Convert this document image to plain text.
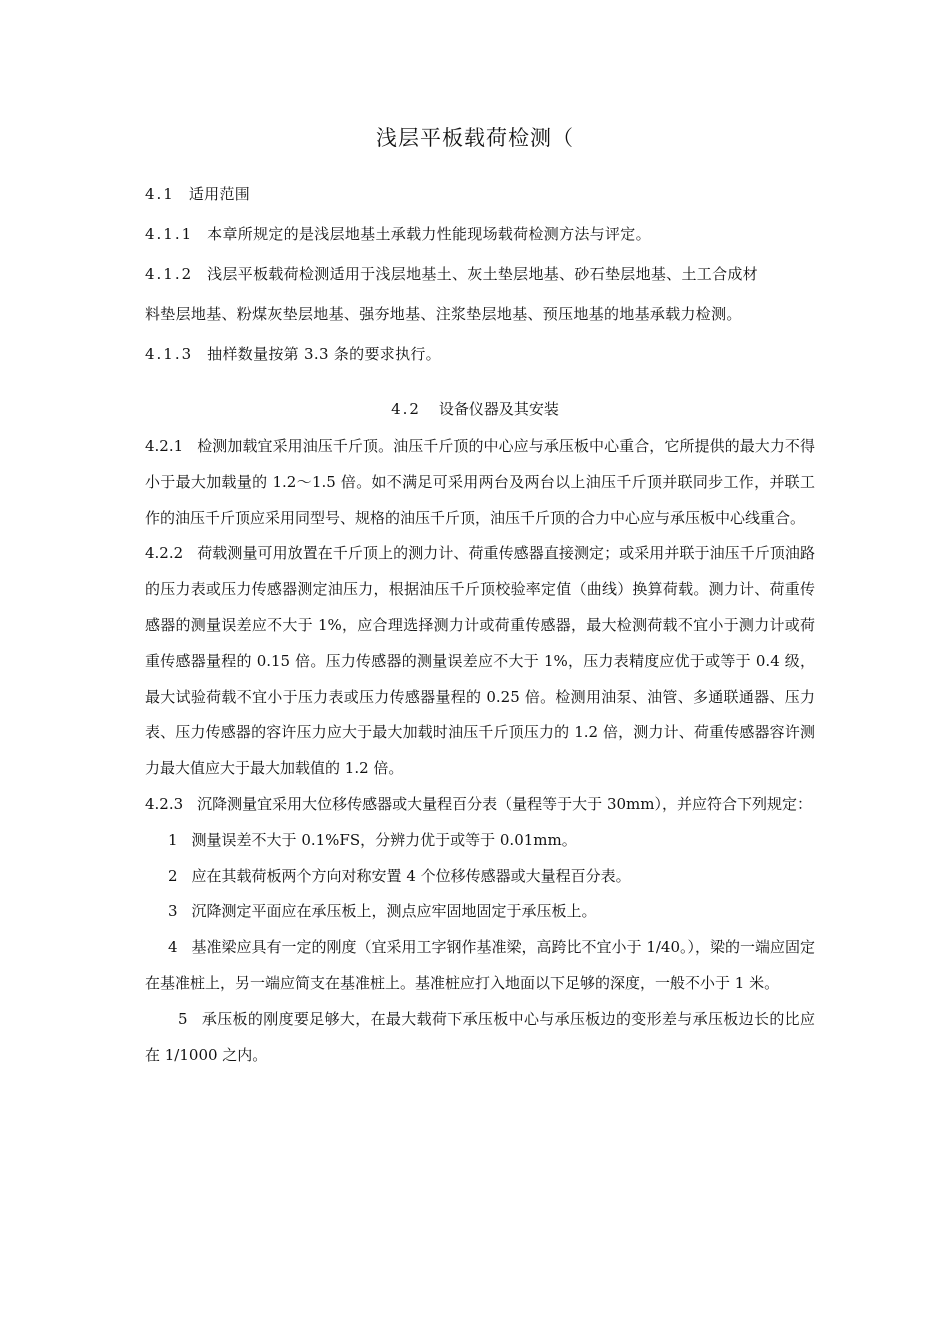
浅层平板载荷检测（
4.1 适用范围
4.1.1 本章所规定的是浅层地基土承载力性能现场载荷检测方法与评定。
4.1.2 浅层平板载荷检测适用于浅层地基土、灰土垫层地基、砂石垫层地基、土工合成材
料垫层地基、粉煤灰垫层地基、强夯地基、注浆垫层地基、预压地基的地基承载力检测。
4.1.3 抽样数量按第 3.3 条的要求执行。
4.2 设备仪器及其安装
4.2.1 检测加载宜采用油压千斤顶。油压千斤顶的中心应与承压板中心重合，它所提供的最大力不得小于最大加载量的 1.2～1.5 倍。如不满足可采用两台及两台以上油压千斤顶并联同步工作，并联工作的油压千斤顶应采用同型号、规格的油压千斤顶，油压千斤顶的合力中心应与承压板中心线重合。
4.2.2 荷载测量可用放置在千斤顶上的测力计、荷重传感器直接测定；或采用并联于油压千斤顶油路的压力表或压力传感器测定油压力，根据油压千斤顶校验率定值（曲线）换算荷载。测力计、荷重传感器的测量误差应不大于 1%，应合理选择测力计或荷重传感器，最大检测荷载不宜小于测力计或荷重传感器量程的 0.15 倍。压力传感器的测量误差应不大于 1%，压力表精度应优于或等于 0.4 级，最大试验荷载不宜小于压力表或压力传感器量程的 0.25 倍。检测用油泵、油管、多通联通器、压力表、压力传感器的容许压力应大于最大加载时油压千斤顶压力的 1.2 倍，测力计、荷重传感器容许测力最大值应大于最大加载值的 1.2 倍。
4.2.3 沉降测量宜采用大位移传感器或大量程百分表（量程等于大于 30mm），并应符合下列规定：
1 测量误差不大于 0.1%FS，分辨力优于或等于 0.01mm。
2 应在其载荷板两个方向对称安置 4 个位移传感器或大量程百分表。
3 沉降测定平面应在承压板上，测点应牢固地固定于承压板上。
4 基准梁应具有一定的刚度（宜采用工字钢作基准梁，高跨比不宜小于 1/40。），梁的一端应固定在基准桩上，另一端应简支在基准桩上。基准桩应打入地面以下足够的深度，一般不小于 1 米。
5 承压板的刚度要足够大，在最大载荷下承压板中心与承压板边的变形差与承压板边长的比应在 1/1000 之内。
